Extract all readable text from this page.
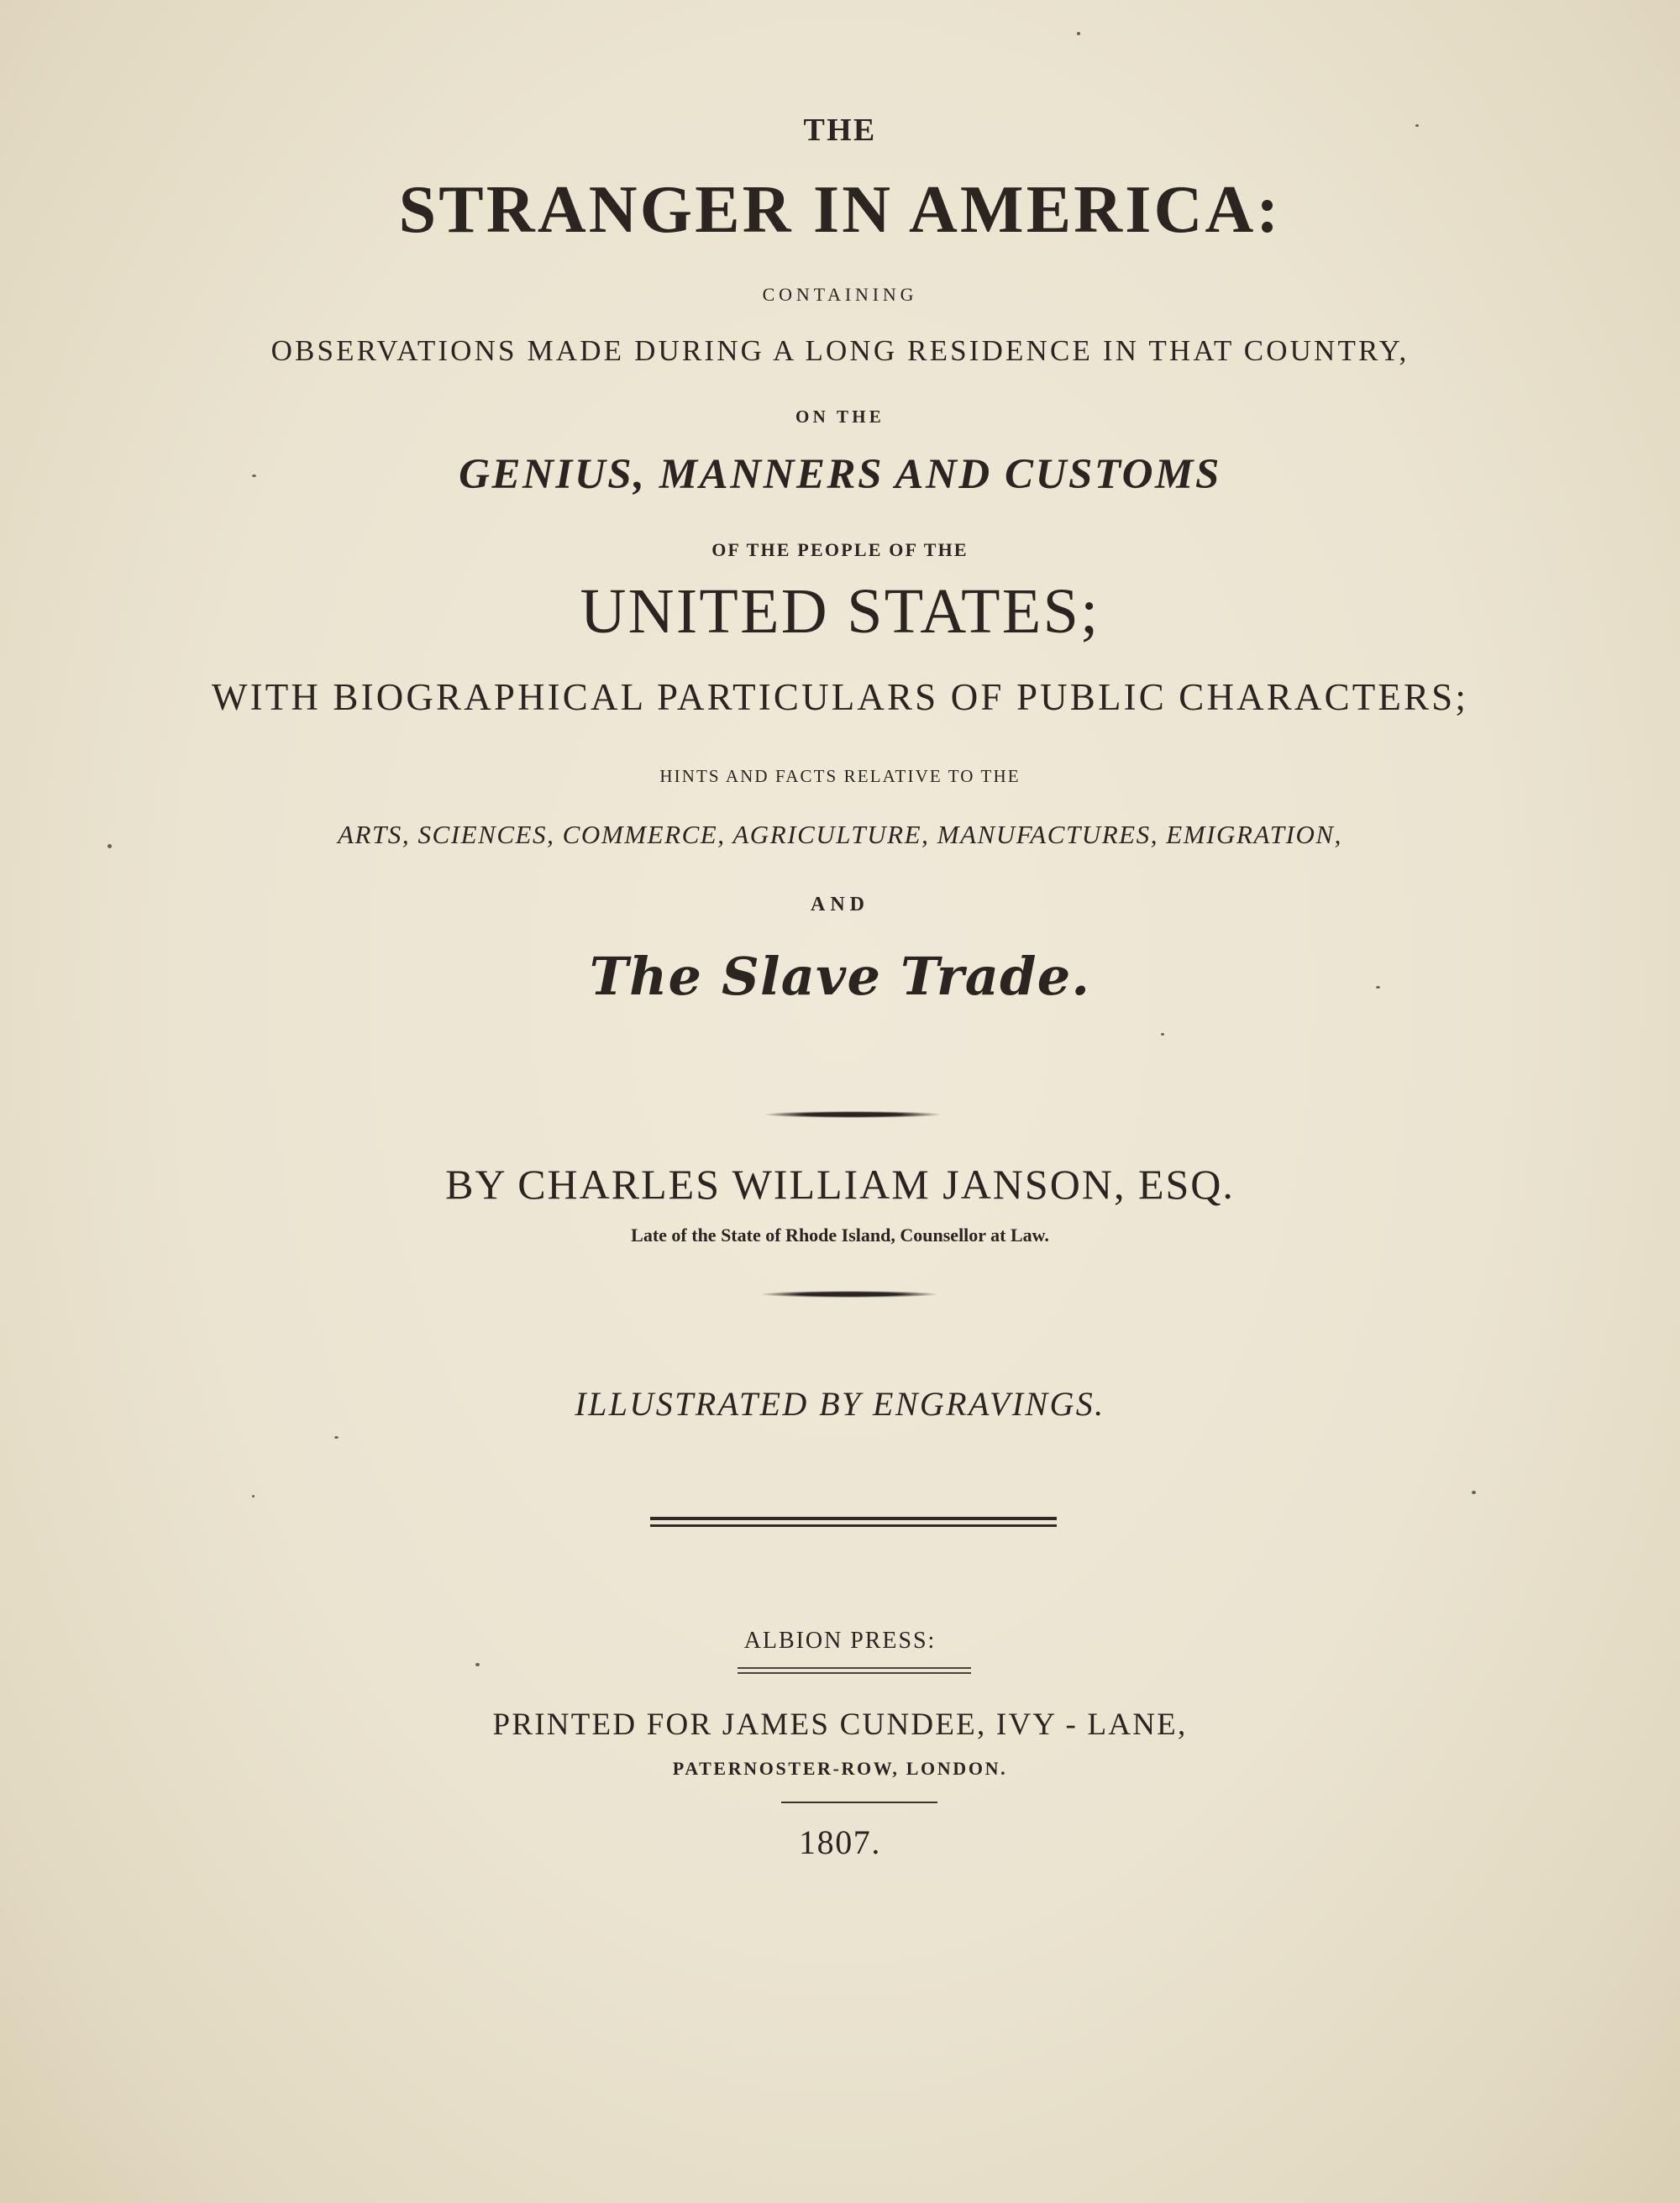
THE

STRANGER IN AMERICA:

CONTAINING

OBSERVATIONS MADE DURING A LONG RESIDENCE IN THAT COUNTRY,

ON THE

GENIUS, MANNERS AND CUSTOMS

OF THE PEOPLE OF THE

UNITED STATES;

WITH BIOGRAPHICAL PARTICULARS OF PUBLIC CHARACTERS;

HINTS AND FACTS RELATIVE TO THE

ARTS, SCIENCES, COMMERCE, AGRICULTURE, MANUFACTURES, EMIGRATION,

AND

The Slave Trade.

BY CHARLES WILLIAM JANSON, ESQ.

Late of the State of Rhode Island, Counsellor at Law.

ILLUSTRATED BY ENGRAVINGS.

ALBION PRESS:

PRINTED FOR JAMES CUNDEE, IVY - LANE,

PATERNOSTER-ROW, LONDON.

1807.
